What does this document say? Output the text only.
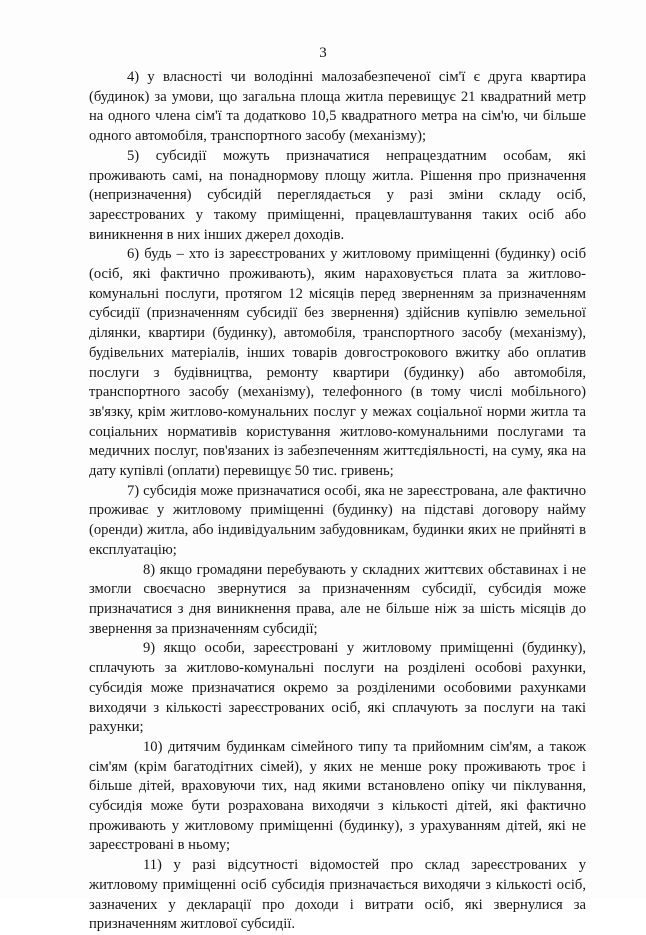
3

4) у власності чи володінні малозабезпеченої сім'ї є друга квартира (будинок) за умови, що загальна площа житла перевищує 21 квадратний метр на одного члена сім'ї та додатково 10,5 квадратного метра на сім'ю, чи більше одного автомобіля, транспортного засобу (механізму);

5) субсидії можуть призначатися непрацездатним особам, які проживають самі, на понаднормову площу житла. Рішення про призначення (непризначення) субсидій переглядається у разі зміни складу осіб, зареєстрованих у такому приміщенні, працевлаштування таких осіб або виникнення в них інших джерел доходів.

6) будь – хто із зареєстрованих у житловому приміщенні (будинку) осіб (осіб, які фактично проживають), яким нараховується плата за житлово-комунальні послуги, протягом 12 місяців перед зверненням за призначенням субсидії (призначенням субсидії без звернення) здійснив купівлю земельної ділянки, квартири (будинку), автомобіля, транспортного засобу (механізму), будівельних матеріалів, інших товарів довгострокового вжитку або оплатив послуги з будівництва, ремонту квартири (будинку) або автомобіля, транспортного засобу (механізму), телефонного (в тому числі мобільного) зв'язку, крім житлово-комунальних послуг у межах соціальної норми житла та соціальних нормативів користування житлово-комунальними послугами та медичних послуг, пов'язаних із забезпеченням життєдіяльності, на суму, яка на дату купівлі (оплати) перевищує 50 тис. гривень;

7) субсидія може призначатися особі, яка не зареєстрована, але фактично проживає у житловому приміщенні (будинку) на підставі договору найму (оренди) житла, або індивідуальним забудовникам, будинки яких не прийняті в експлуатацію;

8) якщо громадяни перебувають у складних життєвих обставинах і не змогли своєчасно звернутися за призначенням субсидії, субсидія може призначатися з дня виникнення права, але не більше ніж за шість місяців до звернення за призначенням субсидії;

9) якщо особи, зареєстровані у житловому приміщенні (будинку), сплачують за житлово-комунальні послуги на розділені особові рахунки, субсидія може призначатися окремо за розділеними особовими рахунками виходячи з кількості зареєстрованих осіб, які сплачують за послуги на такі рахунки;

10) дитячим будинкам сімейного типу та прийомним сім'ям, а також сім'ям (крім багатодітних сімей), у яких не менше року проживають троє і більше дітей, враховуючи тих, над якими встановлено опіку чи піклування, субсидія може бути розрахована виходячи з кількості дітей, які фактично проживають у житловому приміщенні (будинку), з урахуванням дітей, які не зареєстровані в ньому;

11) у разі відсутності відомостей про склад зареєстрованих у житловому приміщенні осіб субсидія призначається виходячи з кількості осіб, зазначених у декларації про доходи і витрати осіб, які звернулися за призначенням житлової субсидії.
